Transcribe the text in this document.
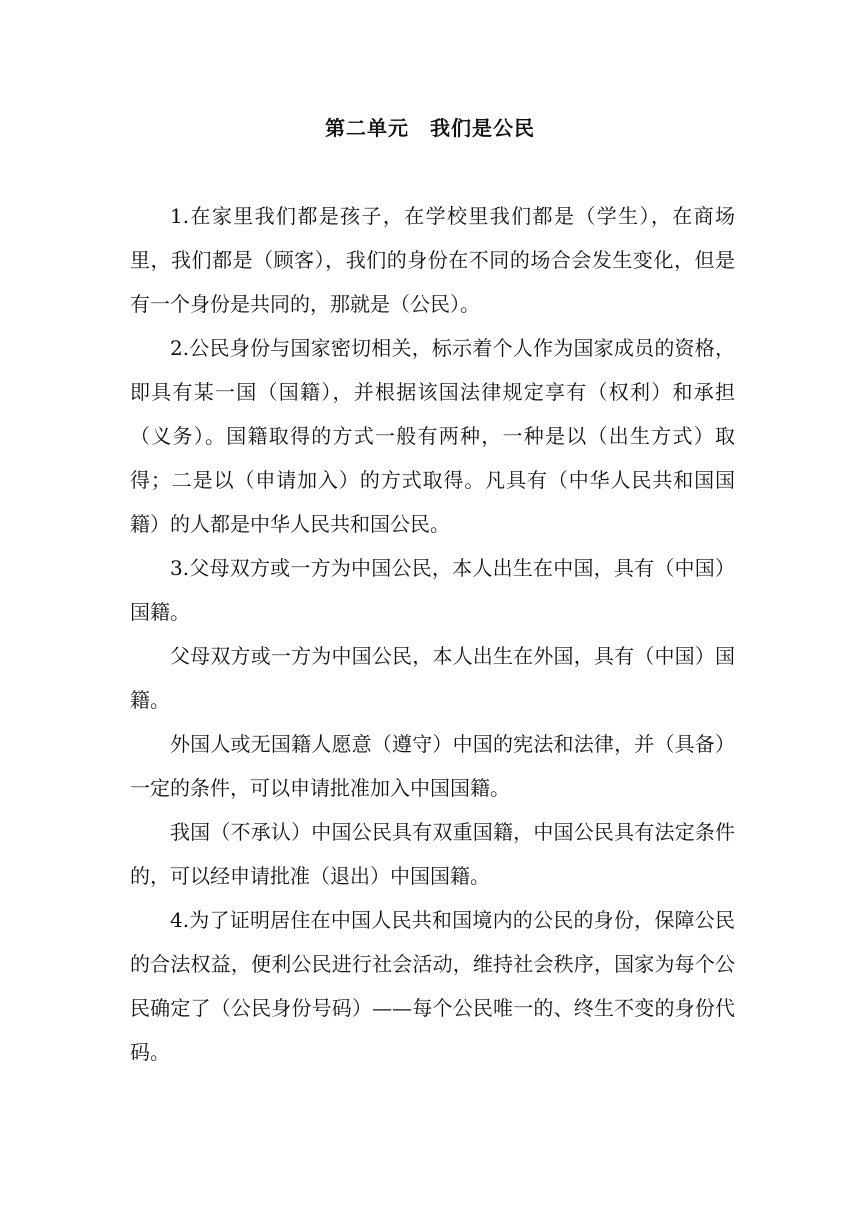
第二单元　我们是公民

1.在家里我们都是孩子，在学校里我们都是（学生），在商场里，我们都是（顾客），我们的身份在不同的场合会发生变化，但是有一个身份是共同的，那就是（公民）。

2.公民身份与国家密切相关，标示着个人作为国家成员的资格，即具有某一国（国籍），并根据该国法律规定享有（权利）和承担（义务）。国籍取得的方式一般有两种，一种是以（出生方式）取得；二是以（申请加入）的方式取得。凡具有（中华人民共和国国籍）的人都是中华人民共和国公民。

3.父母双方或一方为中国公民，本人出生在中国，具有（中国）国籍。

父母双方或一方为中国公民，本人出生在外国，具有（中国）国籍。

外国人或无国籍人愿意（遵守）中国的宪法和法律，并（具备）一定的条件，可以申请批准加入中国国籍。

我国（不承认）中国公民具有双重国籍，中国公民具有法定条件的，可以经申请批准（退出）中国国籍。

4.为了证明居住在中国人民共和国境内的公民的身份，保障公民的合法权益，便利公民进行社会活动，维持社会秩序，国家为每个公民确定了（公民身份号码）——每个公民唯一的、终生不变的身份代码。
